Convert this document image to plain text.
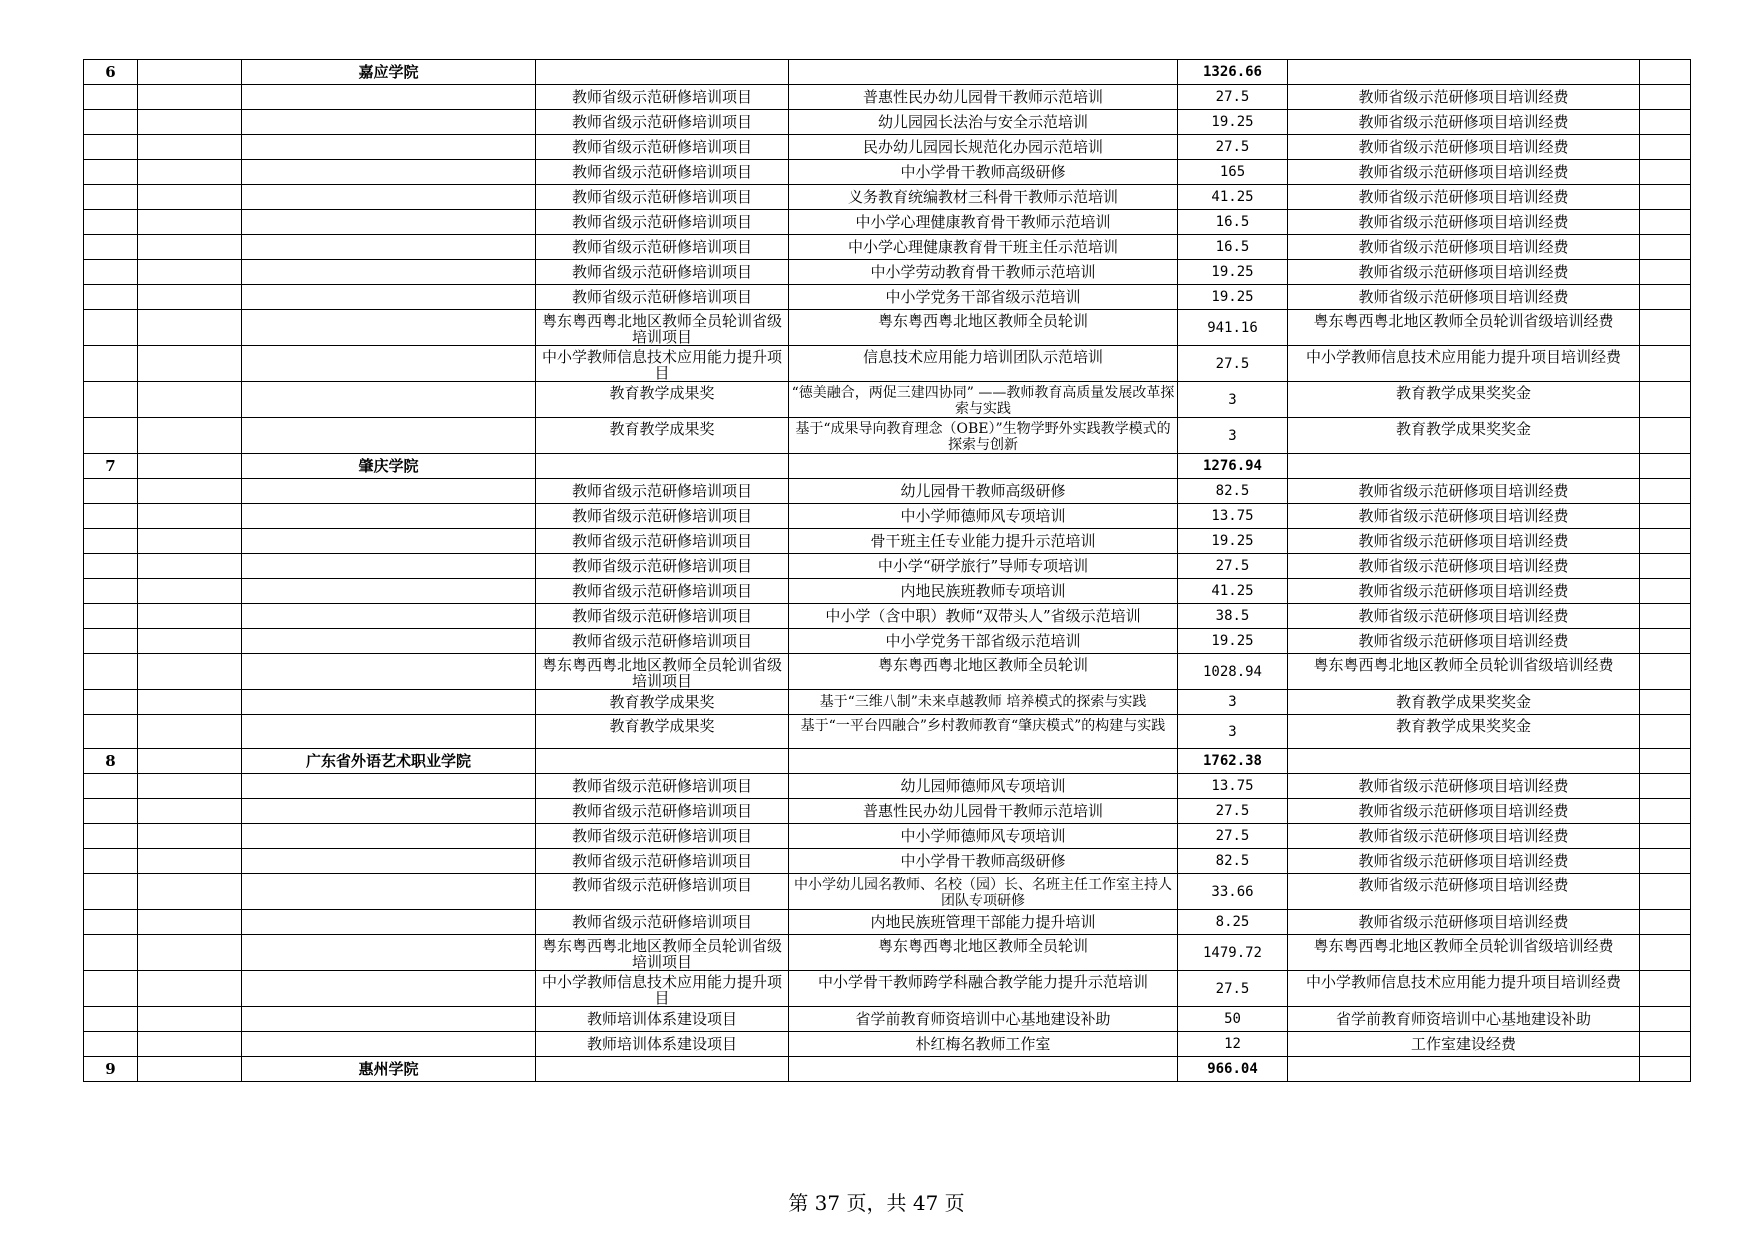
6		嘉应学院			1326.66		
			教师省级示范研修培训项目	普惠性民办幼儿园骨干教师示范培训	27.5	教师省级示范研修项目培训经费	
			教师省级示范研修培训项目	幼儿园园长法治与安全示范培训	19.25	教师省级示范研修项目培训经费	
			教师省级示范研修培训项目	民办幼儿园园长规范化办园示范培训	27.5	教师省级示范研修项目培训经费	
			教师省级示范研修培训项目	中小学骨干教师高级研修	165	教师省级示范研修项目培训经费	
			教师省级示范研修培训项目	义务教育统编教材三科骨干教师示范培训	41.25	教师省级示范研修项目培训经费	
			教师省级示范研修培训项目	中小学心理健康教育骨干教师示范培训	16.5	教师省级示范研修项目培训经费	
			教师省级示范研修培训项目	中小学心理健康教育骨干班主任示范培训	16.5	教师省级示范研修项目培训经费	
			教师省级示范研修培训项目	中小学劳动教育骨干教师示范培训	19.25	教师省级示范研修项目培训经费	
			教师省级示范研修培训项目	中小学党务干部省级示范培训	19.25	教师省级示范研修项目培训经费	
			粤东粤西粤北地区教师全员轮训省级培训项目	粤东粤西粤北地区教师全员轮训	941.16	粤东粤西粤北地区教师全员轮训省级培训经费	
			中小学教师信息技术应用能力提升项目	信息技术应用能力培训团队示范培训	27.5	中小学教师信息技术应用能力提升项目培训经费	
			教育教学成果奖	“德美融合，两促三建四协同” ——教师教育高质量发展改革探索与实践	3	教育教学成果奖奖金	
			教育教学成果奖	基于“成果导向教育理念（OBE）”生物学野外实践教学模式的探索与创新	3	教育教学成果奖奖金	
7		肇庆学院			1276.94		
			教师省级示范研修培训项目	幼儿园骨干教师高级研修	82.5	教师省级示范研修项目培训经费	
			教师省级示范研修培训项目	中小学师德师风专项培训	13.75	教师省级示范研修项目培训经费	
			教师省级示范研修培训项目	骨干班主任专业能力提升示范培训	19.25	教师省级示范研修项目培训经费	
			教师省级示范研修培训项目	中小学“研学旅行”导师专项培训	27.5	教师省级示范研修项目培训经费	
			教师省级示范研修培训项目	内地民族班教师专项培训	41.25	教师省级示范研修项目培训经费	
			教师省级示范研修培训项目	中小学（含中职）教师“双带头人”省级示范培训	38.5	教师省级示范研修项目培训经费	
			教师省级示范研修培训项目	中小学党务干部省级示范培训	19.25	教师省级示范研修项目培训经费	
			粤东粤西粤北地区教师全员轮训省级培训项目	粤东粤西粤北地区教师全员轮训	1028.94	粤东粤西粤北地区教师全员轮训省级培训经费	
			教育教学成果奖	基于“三维八制”未来卓越教师 培养模式的探索与实践	3	教育教学成果奖奖金	
			教育教学成果奖	基于“一平台四融合”乡村教师教育“肇庆模式”的构建与实践	3	教育教学成果奖奖金	
8		广东省外语艺术职业学院			1762.38		
			教师省级示范研修培训项目	幼儿园师德师风专项培训	13.75	教师省级示范研修项目培训经费	
			教师省级示范研修培训项目	普惠性民办幼儿园骨干教师示范培训	27.5	教师省级示范研修项目培训经费	
			教师省级示范研修培训项目	中小学师德师风专项培训	27.5	教师省级示范研修项目培训经费	
			教师省级示范研修培训项目	中小学骨干教师高级研修	82.5	教师省级示范研修项目培训经费	
			教师省级示范研修培训项目	中小学幼儿园名教师、名校（园）长、名班主任工作室主持人团队专项研修	33.66	教师省级示范研修项目培训经费	
			教师省级示范研修培训项目	内地民族班管理干部能力提升培训	8.25	教师省级示范研修项目培训经费	
			粤东粤西粤北地区教师全员轮训省级培训项目	粤东粤西粤北地区教师全员轮训	1479.72	粤东粤西粤北地区教师全员轮训省级培训经费	
			中小学教师信息技术应用能力提升项目	中小学骨干教师跨学科融合教学能力提升示范培训	27.5	中小学教师信息技术应用能力提升项目培训经费	
			教师培训体系建设项目	省学前教育师资培训中心基地建设补助	50	省学前教育师资培训中心基地建设补助	
			教师培训体系建设项目	朴红梅名教师工作室	12	工作室建设经费	
9		惠州学院			966.04		
第 37 页，共 47 页
